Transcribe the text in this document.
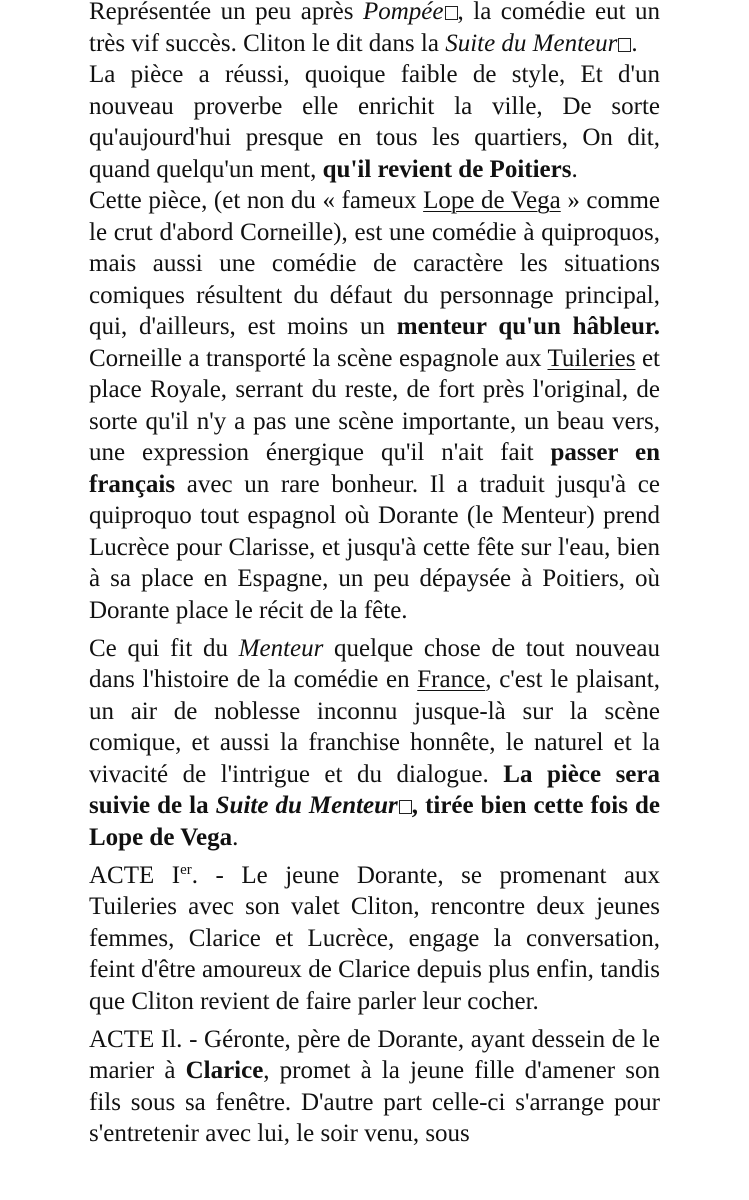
Représentée un peu après Pompée , la comédie eut un très vif succès. Cliton le dit dans la Suite du Menteur .

La pièce a réussi, quoique faible de style, Et d'un nouveau proverbe elle enrichit la ville, De sorte qu'aujourd'hui presque en tous les quartiers, On dit, quand quelqu'un ment, qu'il revient de Poitiers.

Cette pièce, (et non du « fameux Lope de Vega » comme le crut d'abord Corneille), est une comédie à quiproquos, mais aussi une comédie de caractère les situations comiques résultent du défaut du personnage principal, qui, d'ailleurs, est moins un menteur qu'un hâbleur. Corneille a transporté la scène espagnole aux Tuileries et place Royale, serrant du reste, de fort près l'original, de sorte qu'il n'y a pas une scène importante, un beau vers, une expression énergique qu'il n'ait fait passer en français avec un rare bonheur. Il a traduit jusqu'à ce quiproquo tout espagnol où Dorante (le Menteur) prend Lucrèce pour Clarisse, et jusqu'à cette fête sur l'eau, bien à sa place en Espagne, un peu dépaysée à Poitiers, où Dorante place le récit de la fête.

Ce qui fit du Menteur quelque chose de tout nouveau dans l'histoire de la comédie en France, c'est le plaisant, un air de noblesse inconnu jusque-là sur la scène comique, et aussi la franchise honnête, le naturel et la vivacité de l'intrigue et du dialogue. La pièce sera suivie de la Suite du Menteur , tirée bien cette fois de Lope de Vega.

ACTE Ier. - Le jeune Dorante, se promenant aux Tuileries avec son valet Cliton, rencontre deux jeunes femmes, Clarice et Lucrèce, engage la conversation, feint d'être amoureux de Clarice depuis plus enfin, tandis que Cliton revient de faire parler leur cocher.

ACTE Il. - Géronte, père de Dorante, ayant dessein de le marier à Clarice, promet à la jeune fille d'amener son fils sous sa fenêtre. D'autre part celle-ci s'arrange pour s'entretenir avec lui, le soir venu, sous
